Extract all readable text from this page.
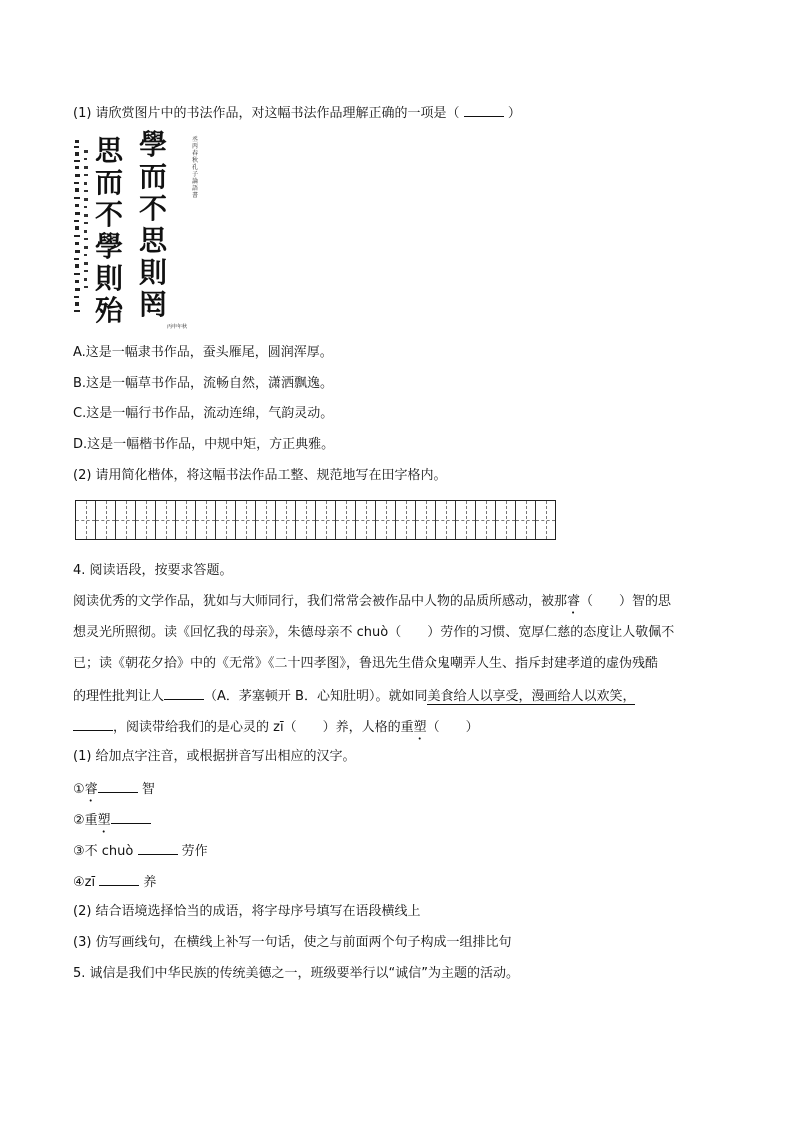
(1) 请欣赏图片中的书法作品，对这幅书法作品理解正确的一项是（	）
思
而
不
學
則
學
而
不
思
則
殆 罔
丞丙春秋孔子論語書
丙申年秋
A.这是一幅隶书作品，蚕头雁尾，圆润浑厚。
B.这是一幅草书作品，流畅自然，潇洒飘逸。
C.这是一幅行书作品，流动连绵，气韵灵动。
D.这是一幅楷书作品，中规中矩，方正典雅。
(2) 请用简化楷体，将这幅书法作品工整、规范地写在田字格内。
4. 阅读语段，按要求答题。
阅读优秀的文学作品，犹如与大师同行，我们常常会被作品中人物的品质所感动，被那睿（　　）智的思
想灵光所照彻。读《回忆我的母亲》，朱德母亲不 chuò（　　）劳作的习惯、宽厚仁慈的态度让人敬佩不
已；读《朝花夕拾》中的《无常》《二十四孝图》，鲁迅先生借众鬼嘲弄人生、指斥封建孝道的虚伪残酷
的理性批判让人	（A．茅塞顿开 B．心知肚明）。就如同美食给人以享受，漫画给人以欢笑，
，阅读带给我们的是心灵的 zī（　　）养，人格的重塑（　　）
(1) 给加点字注音，或根据拼音写出相应的汉字。
①睿	智
②重塑
③不 chuò	劳作
④zī	养
(2) 结合语境选择恰当的成语，将字母序号填写在语段横线上
(3) 仿写画线句，在横线上补写一句话，使之与前面两个句子构成一组排比句
5. 诚信是我们中华民族的传统美德之一，班级要举行以“诚信”为主题的活动。
